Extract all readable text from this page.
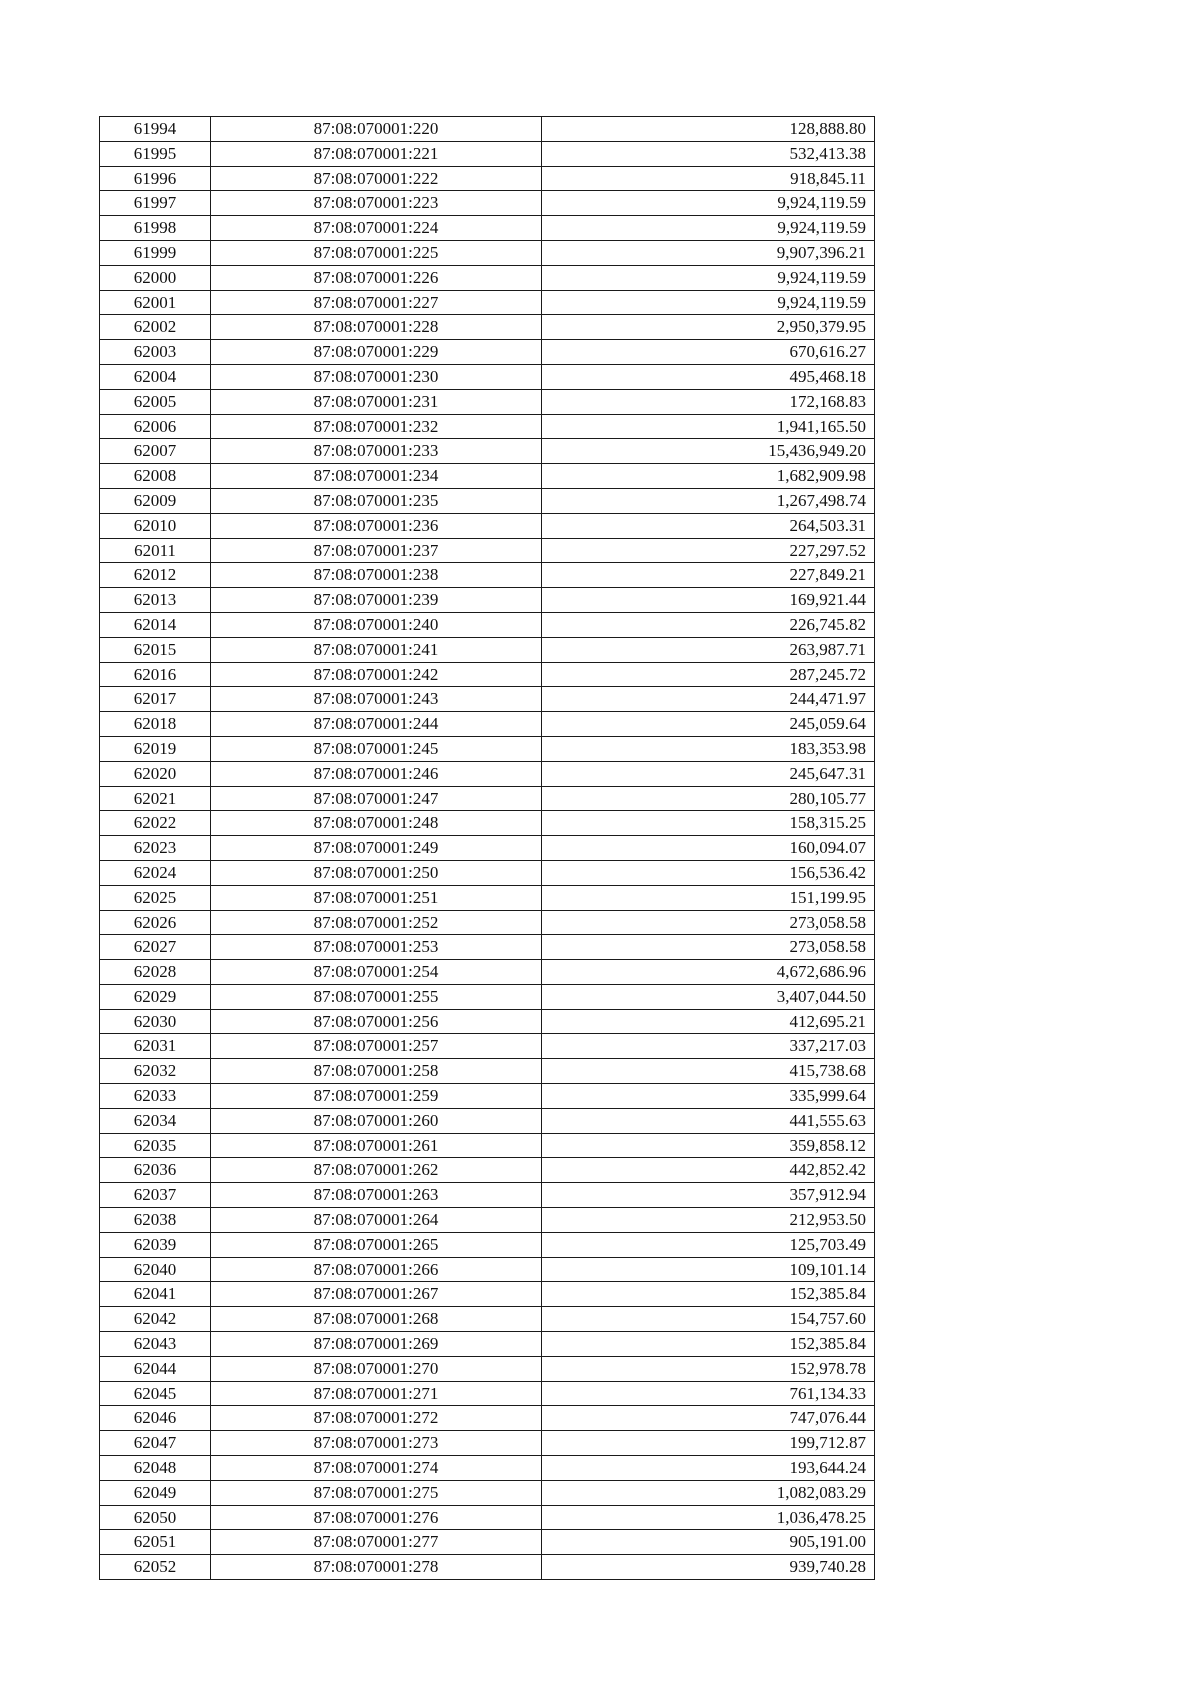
61994	87:08:070001:220	128,888.80
61995	87:08:070001:221	532,413.38
61996	87:08:070001:222	918,845.11
61997	87:08:070001:223	9,924,119.59
61998	87:08:070001:224	9,924,119.59
61999	87:08:070001:225	9,907,396.21
62000	87:08:070001:226	9,924,119.59
62001	87:08:070001:227	9,924,119.59
62002	87:08:070001:228	2,950,379.95
62003	87:08:070001:229	670,616.27
62004	87:08:070001:230	495,468.18
62005	87:08:070001:231	172,168.83
62006	87:08:070001:232	1,941,165.50
62007	87:08:070001:233	15,436,949.20
62008	87:08:070001:234	1,682,909.98
62009	87:08:070001:235	1,267,498.74
62010	87:08:070001:236	264,503.31
62011	87:08:070001:237	227,297.52
62012	87:08:070001:238	227,849.21
62013	87:08:070001:239	169,921.44
62014	87:08:070001:240	226,745.82
62015	87:08:070001:241	263,987.71
62016	87:08:070001:242	287,245.72
62017	87:08:070001:243	244,471.97
62018	87:08:070001:244	245,059.64
62019	87:08:070001:245	183,353.98
62020	87:08:070001:246	245,647.31
62021	87:08:070001:247	280,105.77
62022	87:08:070001:248	158,315.25
62023	87:08:070001:249	160,094.07
62024	87:08:070001:250	156,536.42
62025	87:08:070001:251	151,199.95
62026	87:08:070001:252	273,058.58
62027	87:08:070001:253	273,058.58
62028	87:08:070001:254	4,672,686.96
62029	87:08:070001:255	3,407,044.50
62030	87:08:070001:256	412,695.21
62031	87:08:070001:257	337,217.03
62032	87:08:070001:258	415,738.68
62033	87:08:070001:259	335,999.64
62034	87:08:070001:260	441,555.63
62035	87:08:070001:261	359,858.12
62036	87:08:070001:262	442,852.42
62037	87:08:070001:263	357,912.94
62038	87:08:070001:264	212,953.50
62039	87:08:070001:265	125,703.49
62040	87:08:070001:266	109,101.14
62041	87:08:070001:267	152,385.84
62042	87:08:070001:268	154,757.60
62043	87:08:070001:269	152,385.84
62044	87:08:070001:270	152,978.78
62045	87:08:070001:271	761,134.33
62046	87:08:070001:272	747,076.44
62047	87:08:070001:273	199,712.87
62048	87:08:070001:274	193,644.24
62049	87:08:070001:275	1,082,083.29
62050	87:08:070001:276	1,036,478.25
62051	87:08:070001:277	905,191.00
62052	87:08:070001:278	939,740.28
